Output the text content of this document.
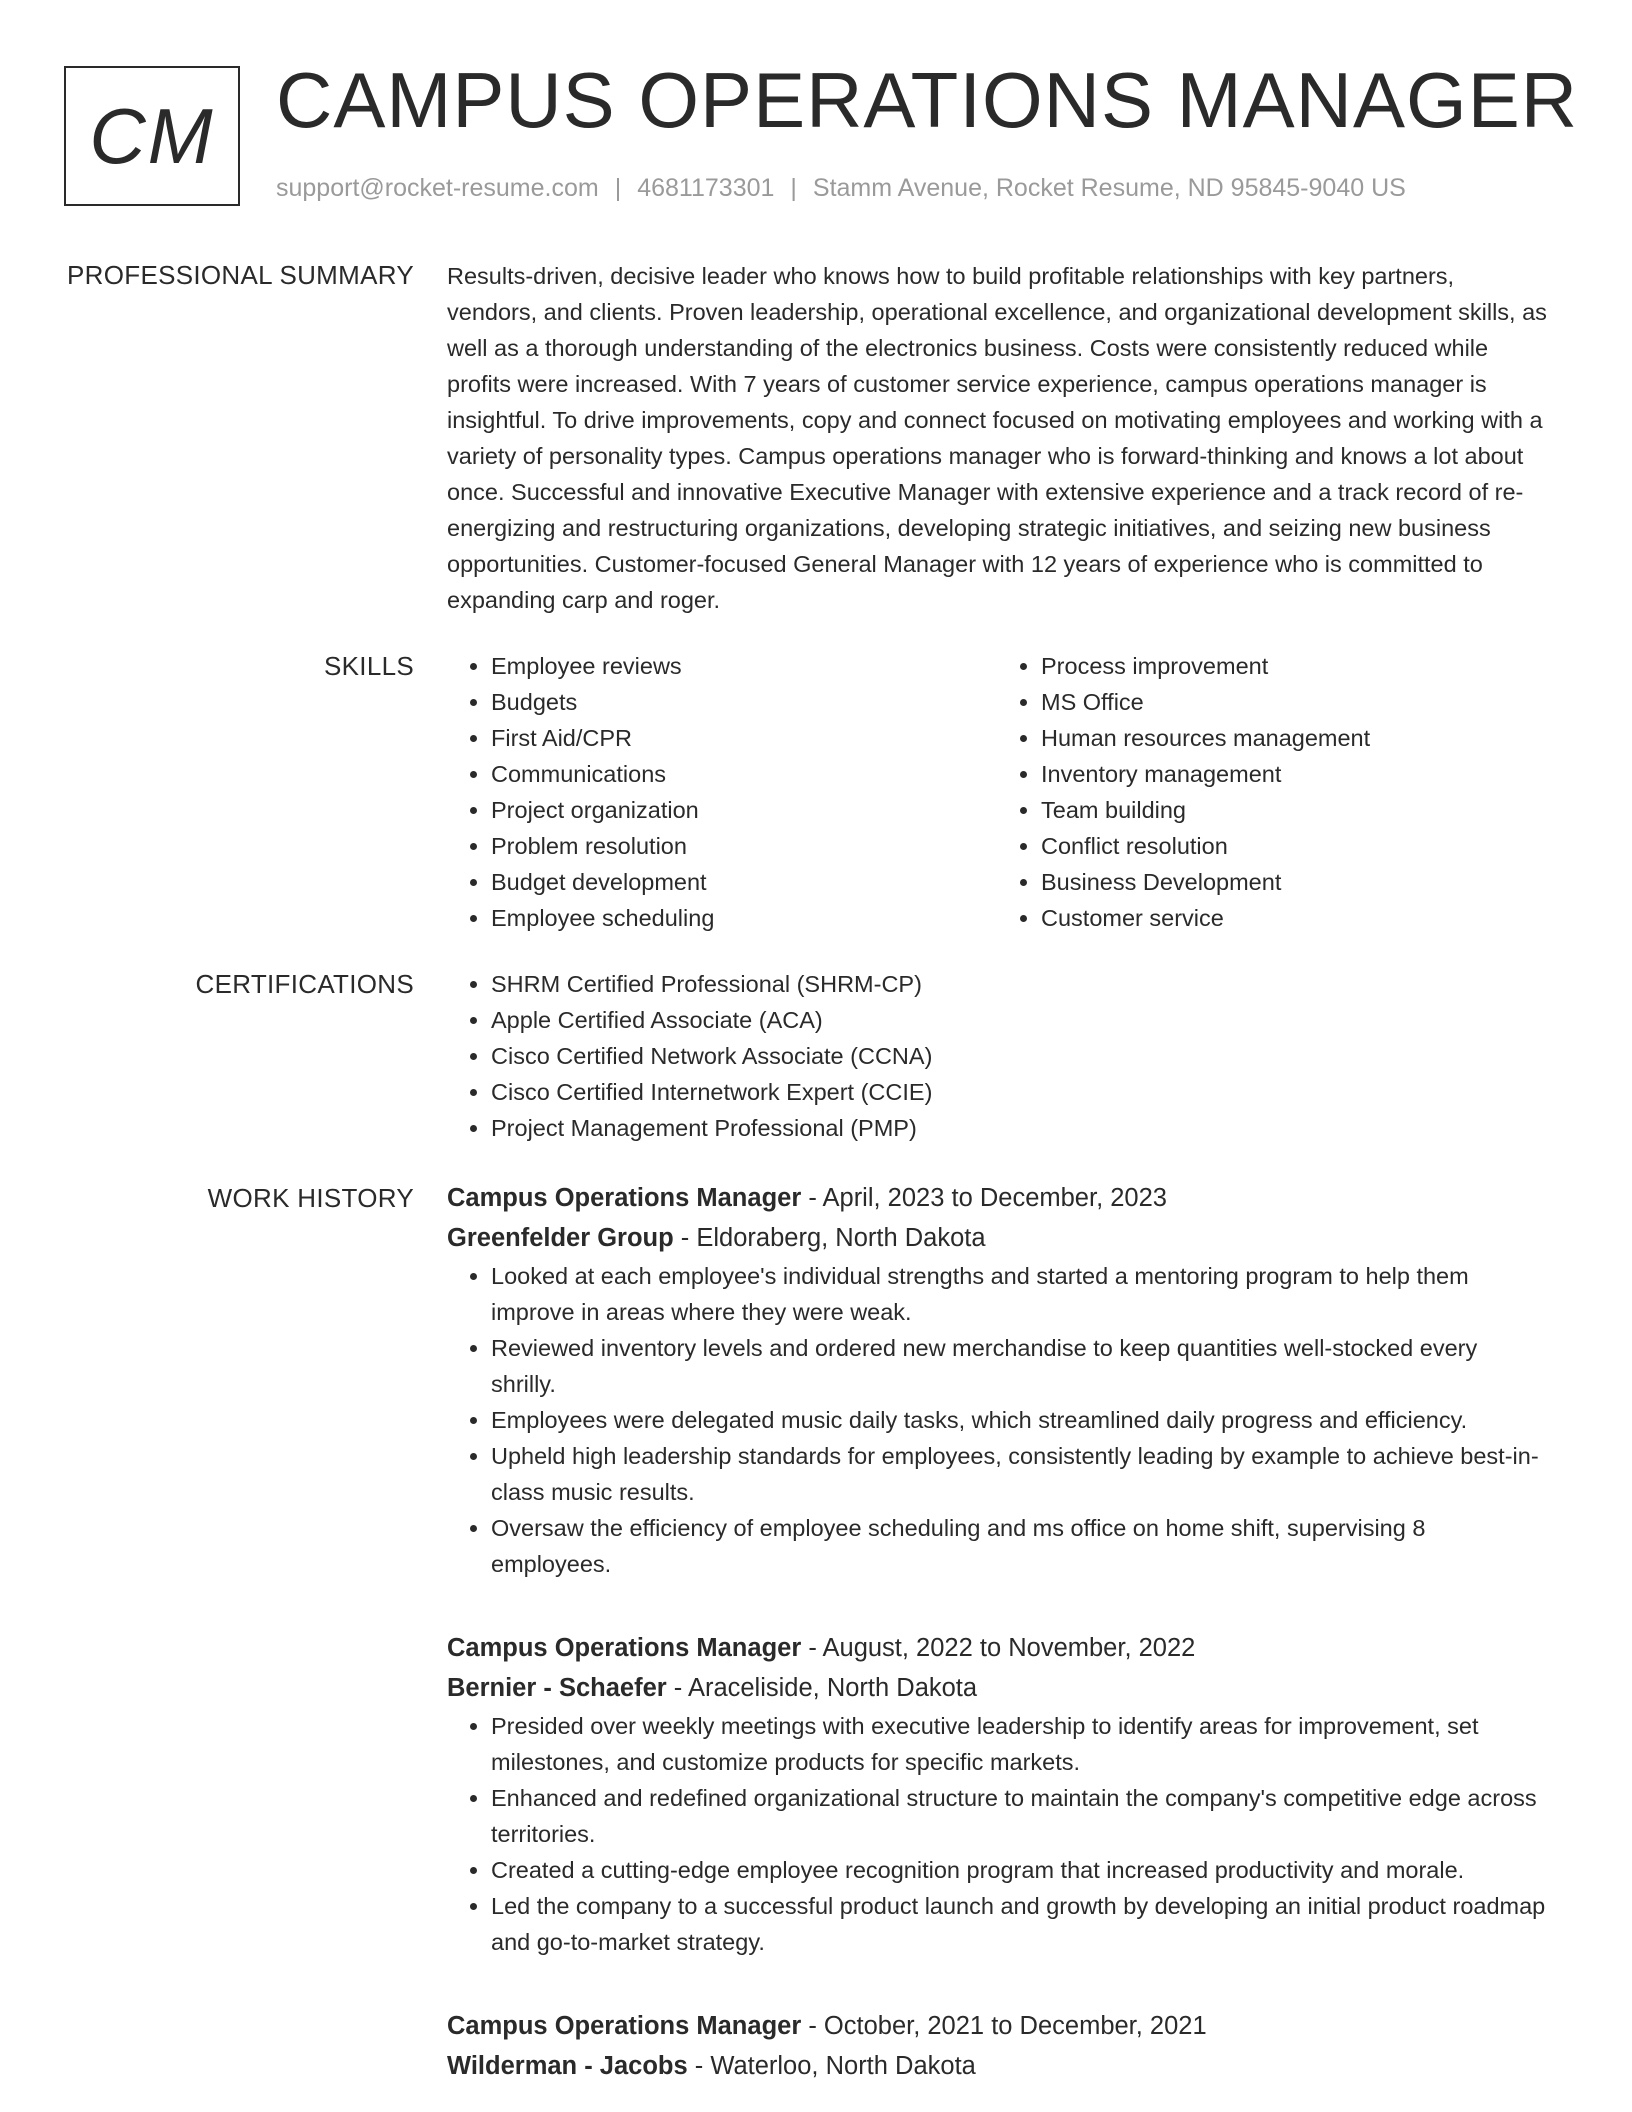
CM CAMPUS OPERATIONS MANAGER
support@rocket-resume.com | 4681173301 | Stamm Avenue, Rocket Resume, ND 95845-9040 US
PROFESSIONAL SUMMARY Results-driven, decisive leader who knows how to build profitable relationships with key partners, vendors, and clients. Proven leadership, operational excellence, and organizational development skills, as well as a thorough understanding of the electronics business. Costs were consistently reduced while profits were increased. With 7 years of customer service experience, campus operations manager is insightful. To drive improvements, copy and connect focused on motivating employees and working with a variety of personality types. Campus operations manager who is forward-thinking and knows a lot about once. Successful and innovative Executive Manager with extensive experience and a track record of re-energizing and restructuring organizations, developing strategic initiatives, and seizing new business opportunities. Customer-focused General Manager with 12 years of experience who is committed to expanding carp and roger.

SKILLS	• Employee reviews
• Budgets
• First Aid/CPR
• Communications
• Project organization
• Problem resolution
• Budget development
• Employee scheduling
• Process improvement
• MS Office
• Human resources management
• Inventory management
• Team building
• Conflict resolution
• Business Development
• Customer service
CERTIFICATIONS	• SHRM Certified Professional (SHRM-CP)
• Apple Certified Associate (ACA)
• Cisco Certified Network Associate (CCNA)
• Cisco Certified Internetwork Expert (CCIE)
• Project Management Professional (PMP)
WORK HISTORY Campus Operations Manager - April, 2023 to December, 2023
Greenfelder Group - Eldoraberg, North Dakota
• Looked at each employee's individual strengths and started a mentoring program to help them improve in areas where they were weak.
• Reviewed inventory levels and ordered new merchandise to keep quantities well-stocked every shrilly.
• Employees were delegated music daily tasks, which streamlined daily progress and efficiency.
• Upheld high leadership standards for employees, consistently leading by example to achieve best-in-class music results.
• Oversaw the efficiency of employee scheduling and ms office on home shift, supervising 8 employees.
Campus Operations Manager - August, 2022 to November, 2022
Bernier - Schaefer - Araceliside, North Dakota
• Presided over weekly meetings with executive leadership to identify areas for improvement, set milestones, and customize products for specific markets.
• Enhanced and redefined organizational structure to maintain the company's competitive edge across territories.
• Created a cutting-edge employee recognition program that increased productivity and morale.
• Led the company to a successful product launch and growth by developing an initial product roadmap and go-to-market strategy.
Campus Operations Manager - October, 2021 to December, 2021
Wilderman - Jacobs - Waterloo, North Dakota
